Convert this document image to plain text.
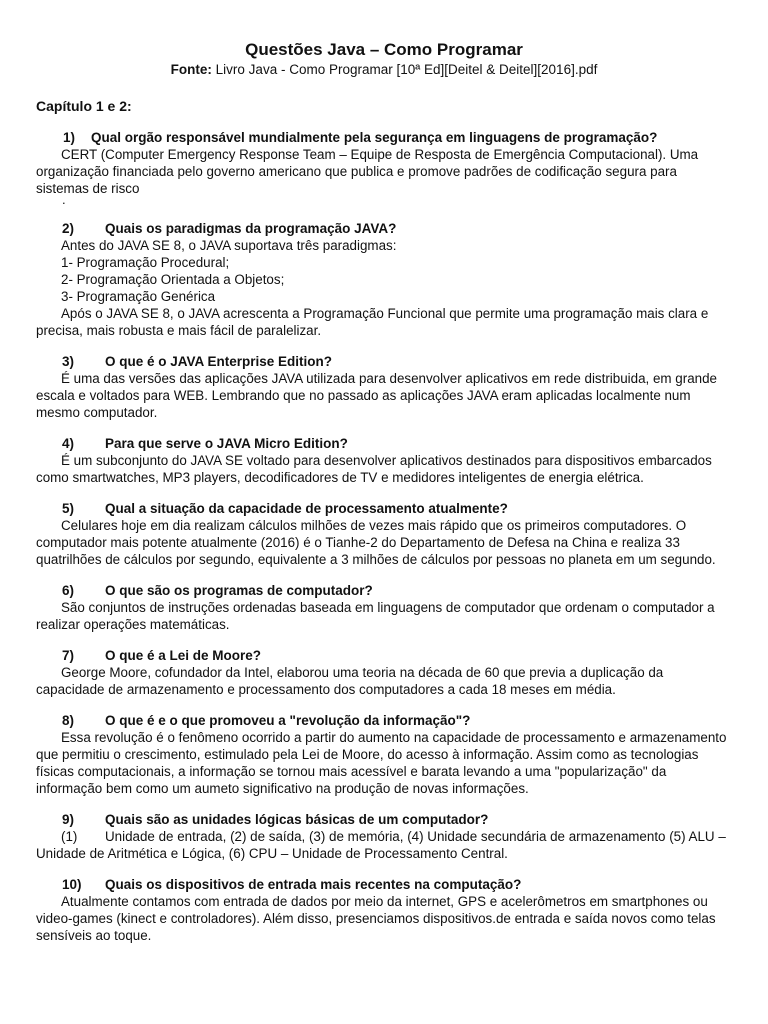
Questões Java – Como Programar

Fonte: Livro Java - Como Programar [10ª Ed][Deitel & Deitel][2016].pdf

Capítulo 1 e 2:

1)	Qual orgão responsável mundialmente pela segurança em linguagens de programação?

CERT (Computer Emergency Response Team – Equipe de Resposta de Emergência Computacional). Uma organização financiada pelo governo americano que publica e promove padrões de codificação segura para sistemas de risco

.
2)	Quais os paradigmas da programação JAVA?

Antes do JAVA SE 8, o JAVA suportava três paradigmas:

1- Programação Procedural;

2- Programação Orientada a Objetos;

3- Programação Genérica

Após o JAVA SE 8, o JAVA acrescenta a Programação Funcional que permite uma programação mais clara e precisa, mais robusta e mais fácil de paralelizar.

3)	O que é o JAVA Enterprise Edition?

É uma das versões das aplicações JAVA utilizada para desenvolver aplicativos em rede distribuida, em grande escala e voltados para WEB. Lembrando que no passado as aplicações JAVA eram aplicadas localmente num mesmo computador.

4)	Para que serve o JAVA Micro Edition?

É um subconjunto do JAVA SE voltado para desenvolver aplicativos destinados para dispositivos embarcados como smartwatches, MP3 players, decodificadores de TV e medidores inteligentes de energia elétrica.

5)	Qual a situação da capacidade de processamento atualmente?

Celulares hoje em dia realizam cálculos milhões de vezes mais rápido que os primeiros computadores. O computador mais potente atualmente (2016) é o Tianhe-2 do Departamento de Defesa na China e realiza 33 quatrilhões de cálculos por segundo, equivalente a 3 milhões de cálculos por pessoas no planeta em um segundo.

6)	O que são os programas de computador?

São conjuntos de instruções ordenadas baseada em linguagens de computador que ordenam o computador a realizar operações matemáticas.

7)	O que é a Lei de Moore?

George Moore, cofundador da Intel, elaborou uma teoria na década de 60 que previa a duplicação da capacidade de armazenamento e processamento dos computadores a cada 18 meses em média.

8)	O que é e o que promoveu a "revolução da informação"?

Essa revolução é o fenômeno ocorrido a partir do aumento na capacidade de processamento e armazenamento que permitiu o crescimento, estimulado pela Lei de Moore, do acesso à informação. Assim como as tecnologias físicas computacionais, a informação se tornou mais acessível e barata levando a uma "popularização" da informação bem como um aumeto significativo na produção de novas informações.

9)	Quais são as unidades lógicas básicas de um computador?
(1)	Unidade de entrada, (2) de saída, (3) de memória, (4) Unidade secundária de armazenamento (5) ALU –

Unidade de Aritmética e Lógica, (6) CPU – Unidade de Processamento Central.

10)	Quais os dispositivos de entrada mais recentes na computação?

Atualmente contamos com entrada de dados por meio da internet, GPS e acelerômetros em smartphones ou video-games (kinect e controladores). Além disso, presenciamos dispositivos.de entrada e saída novos como telas sensíveis ao toque.
